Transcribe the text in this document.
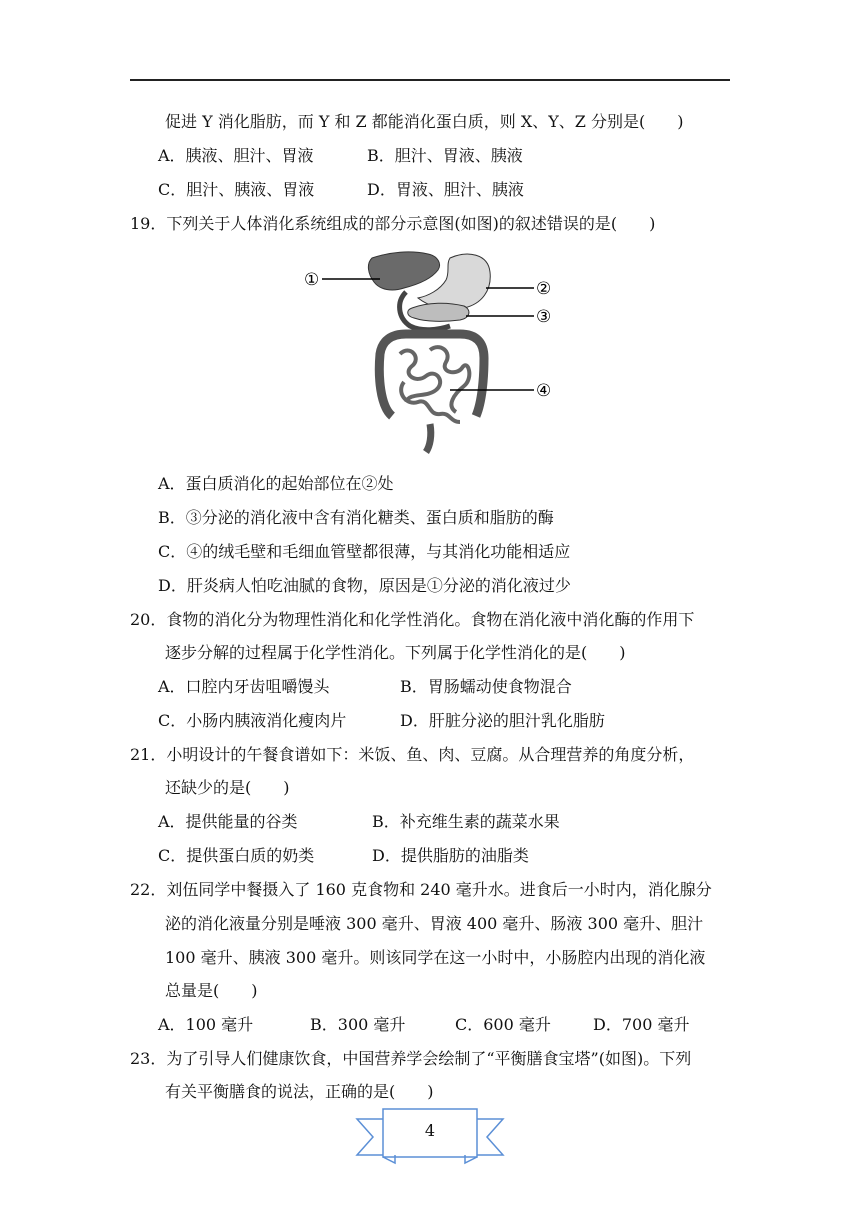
促进 Y 消化脂肪，而 Y 和 Z 都能消化蛋白质，则 X、Y、Z 分别是(　　)
A．胰液、胆汁、胃液	B．胆汁、胃液、胰液
C．胆汁、胰液、胃液	D．胃液、胆汁、胰液
19．下列关于人体消化系统组成的部分示意图(如图)的叙述错误的是(　　)
①	②
③
④
A．蛋白质消化的起始部位在②处
B．③分泌的消化液中含有消化糖类、蛋白质和脂肪的酶
C．④的绒毛壁和毛细血管壁都很薄，与其消化功能相适应
D．肝炎病人怕吃油腻的食物，原因是①分泌的消化液过少
20．食物的消化分为物理性消化和化学性消化。食物在消化液中消化酶的作用下
逐步分解的过程属于化学性消化。下列属于化学性消化的是(　　)
A．口腔内牙齿咀嚼馒头	B．胃肠蠕动使食物混合
C．小肠内胰液消化瘦肉片	D．肝脏分泌的胆汁乳化脂肪
21．小明设计的午餐食谱如下：米饭、鱼、肉、豆腐。从合理营养的角度分析，
还缺少的是(　　)
A．提供能量的谷类	B．补充维生素的蔬菜水果
C．提供蛋白质的奶类	D．提供脂肪的油脂类
22．刘伍同学中餐摄入了 160 克食物和 240 毫升水。进食后一小时内，消化腺分
泌的消化液量分别是唾液 300 毫升、胃液 400 毫升、肠液 300 毫升、胆汁
100 毫升、胰液 300 毫升。则该同学在这一小时中，小肠腔内出现的消化液
总量是(　　)
A．100 毫升	B．300 毫升	C．600 毫升	D．700 毫升
23．为了引导人们健康饮食，中国营养学会绘制了“平衡膳食宝塔”(如图)。下列
有关平衡膳食的说法，正确的是(　　)
4
